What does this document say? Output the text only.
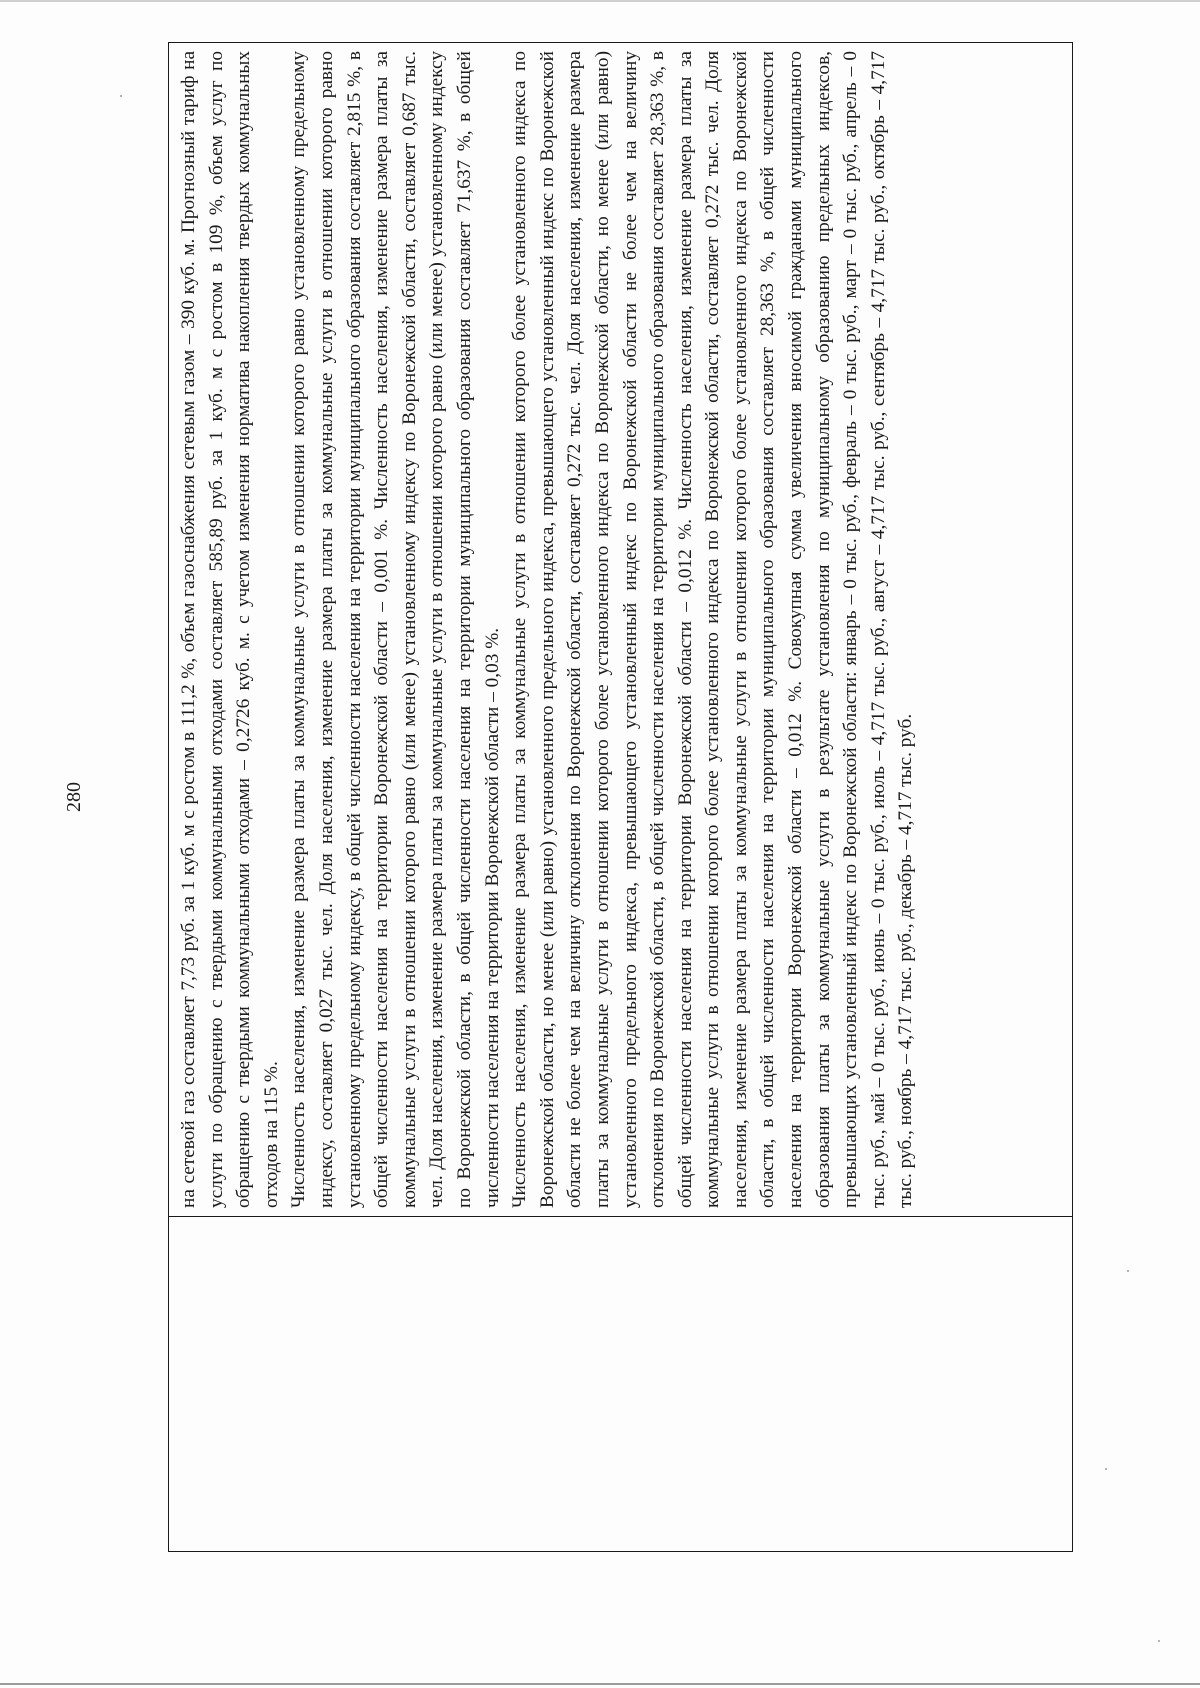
280

на сетевой газ составляет 7,73 руб. за 1 куб. м с ростом в 111,2 %, объем газоснабжения сетевым газом – 390 куб. м. Прогнозный тариф на услуги по обращению с твердыми коммунальными отходами составляет 585,89 руб. за 1 куб. м с ростом в 109 %, объем услуг по обращению с твердыми коммунальными отходами – 0,2726 куб. м. с учетом изменения норматива накопления твердых коммунальных отходов на 115 %.
Численность населения, изменение размера платы за коммунальные услуги в отношении которого равно установленному предельному индексу, составляет 0,027 тыс. чел. Доля населения, изменение размера платы за коммунальные услуги в отношении которого равно установленному предельному индексу, в общей численности населения на территории муниципального образования составляет 2,815 %, в общей численности населения на территории Воронежской области – 0,001 %. Численность населения, изменение размера платы за коммунальные услуги в отношении которого равно (или менее) установленному индексу по Воронежской области, составляет 0,687 тыс. чел. Доля населения, изменение размера платы за коммунальные услуги в отношении которого равно (или менее) установленному индексу по Воронежской области, в общей численности населения на территории муниципального образования составляет 71,637 %, в общей численности населения на территории Воронежской области – 0,03 %.
Численность населения, изменение размера платы за коммунальные услуги в отношении которого более установленного индекса по Воронежской области, но менее (или равно) установленного предельного индекса, превышающего установленный индекс по Воронежской области не более чем на величину отклонения по Воронежской области, составляет 0,272 тыс. чел. Доля населения, изменение размера платы за коммунальные услуги в отношении которого более установленного индекса по Воронежской области, но менее (или равно) установленного предельного индекса, превышающего установленный индекс по Воронежской области не более чем на величину отклонения по Воронежской области, в общей численности населения на территории муниципального образования составляет 28,363 %, в общей численности населения на территории Воронежской области – 0,012 %. Численность населения, изменение размера платы за коммунальные услуги в отношении которого более установленного индекса по Воронежской области, составляет 0,272 тыс. чел. Доля населения, изменение размера платы за коммунальные услуги в отношении которого более установленного индекса по Воронежской области, в общей численности населения на территории муниципального образования составляет 28,363 %, в общей численности населения на территории Воронежской области – 0,012 %. Совокупная сумма увеличения вносимой гражданами муниципального образования платы за коммунальные услуги в результате установления по муниципальному образованию предельных индексов, превышающих установленный индекс по Воронежской области: январь – 0 тыс. руб., февраль – 0 тыс. руб., март – 0 тыс. руб., апрель – 0 тыс. руб., май – 0 тыс. руб., июнь – 0 тыс. руб., июль – 4,717 тыс. руб., август – 4,717 тыс. руб., сентябрь – 4,717 тыс. руб., октябрь – 4,717 тыс. руб., ноябрь – 4,717 тыс. руб., декабрь – 4,717 тыс. руб.
